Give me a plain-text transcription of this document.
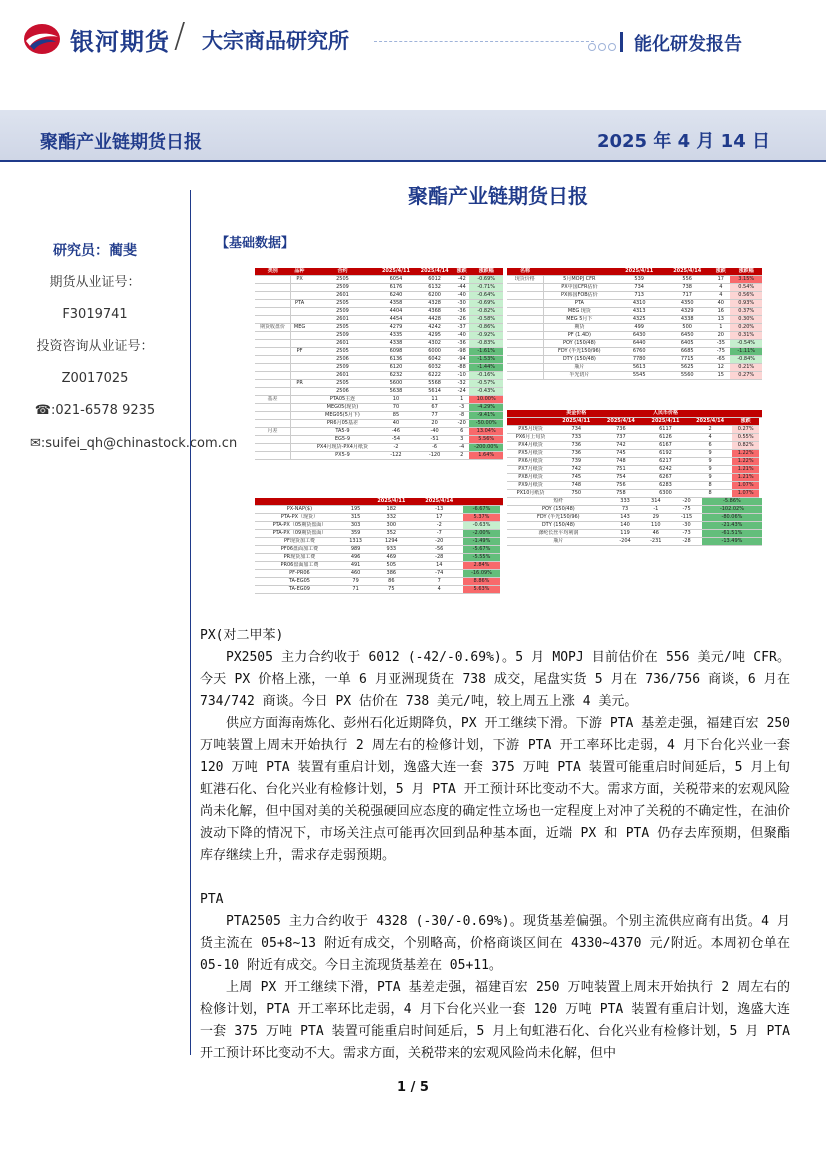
银河期货 / 大宗商品研究所	能化研发报告
聚酯产业链期货日报	2025 年 4 月 14 日
聚酯产业链期货日报
研究员：蔺斐
期货从业证号：
F3019741
投资咨询从业证号：
Z0017025
☎:021-6578 9235
✉:suifei_qh@chinastock.com.cn
【基础数据】
类别	品种	合约	2025/4/11	2025/4/14	涨跌	涨跌幅
	PX	2505	6054	6012	-42	-0.69%
		2509	6176	6132	-44	-0.71%
		2601	6240	6200	-40	-0.64%
	PTA	2505	4358	4328	-30	-0.69%
		2509	4404	4368	-36	-0.82%
		2601	4454	4428	-26	-0.58%
期货收盘价	MEG	2505	4279	4242	-37	-0.86%
		2509	4335	4295	-40	-0.92%
		2601	4338	4302	-36	-0.83%
	PF	2505	6098	6000	-98	-1.61%
		2506	6136	6042	-94	-1.53%
		2509	6120	6032	-88	-1.44%
		2601	6232	6222	-10	-0.16%
	PR	2505	5600	5568	-32	-0.57%
		2506	5638	5614	-24	-0.43%
基差		PTA05主连	10	11	1	10.00%
		MEG05(现货)	70	67	-3	-4.29%
		MEG05(5月下)	85	77	-8	-9.41%
		PR6月05基差	40	20	-20	-50.00%
月差		TA5-9	-46	-40	6	13.04%
		EG5-9	-54	-51	3	5.56%
		PX4月现货-PX4月纸货	-2	-6	-4	-200.00%
		PX5-9	-122	-120	2	1.64%
名称		2025/4/11	2025/4/14	涨跌	涨跌幅
现货价格	5月MOPJ CFR	539	556	17	3.15%
	PX中国CFR估价	734	738	4	0.54%
	PX韩国FOB估价	713	717	4	0.56%
	PTA	4310	4350	40	0.93%
	MEG 现货	4313	4329	16	0.37%
	MEG 5月下	4325	4338	13	0.30%
	期货	499	500	1	0.20%
	PF (1.4D)	6430	6450	20	0.31%
	POY (150/48)	6440	6405	-35	-0.54%
	FDY (半光150/96)	6760	6685	-75	-1.11%
	DTY (150/48)	7780	7715	-65	-0.84%
	瓶片	5613	5625	12	0.21%
	半光切片	5545	5560	15	0.27%
	美金价格		人民币价格			
	2025/4/11	2025/4/14	2025/4/11	2025/4/14	涨跌	
PX5月现货	734	736	6117	2	0.27%	
PX6月上旬货	733	737	6126	4	0.55%	
PX4月纸货	736	742	6167	6	0.82%	
PX5月纸货	736	745	6192	9	1.22%	
PX6月纸货	739	748	6217	9	1.22%	
PX7月纸货	742	751	6242	9	1.21%	
PX8月纸货	745	754	6267	9	1.21%	
PX9月纸货	748	756	6283	8	1.07%	
PX10月纸货	750	758	6300	8	1.07%	
		2025/4/11	2025/4/14		
PX-NAP($)	195	182	-13	-6.67%	
PTA-PX（现货）	315	332	17	5.37%	
PTA-PX（05期货盘面）	303	300	-2	-0.63%	
PTA-PX（09期货盘面）	359	352	-7	-2.00%	
PF现货加工费	1313	1294	-20	-1.49%	
PF06盘面加工费	989	933	-56	-5.67%	
PR现货加工费	496	469	-28	-5.55%	
PR06盘面加工费	491	505	14	2.84%	
PF-PR06	460	386	-74	-16.09%	
TA-EG05	79	86	7	8.86%	
TA-EG09	71	75	4	5.63%	
短纤	333	314	-20	-5.86%
POY (150/48)	73	-1	-75	-102.02%
FDY (半光150/96)	143	29	-115	-80.06%
DTY (150/48)	140	110	-30	-21.43%
涤纶长丝平均利润	119	46	-73	-61.51%
瓶片	-204	-231	-28	-13.49%
PX(对二甲苯)
PX2505 主力合约收于 6012 (-42/-0.69%)。5 月 MOPJ 目前估价在 556 美元/吨 CFR。今天 PX 价格上涨，一单 6 月亚洲现货在 738 成交，尾盘实货 5 月在 736/756 商谈，6 月在 734/742 商谈。今日 PX 估价在 738 美元/吨，较上周五上涨 4 美元。
供应方面海南炼化、彭州石化近期降负，PX 开工继续下滑。下游 PTA 基差走强，福建百宏 250 万吨装置上周末开始执行 2 周左右的检修计划，下游 PTA 开工率环比走弱，4 月下台化兴业一套 120 万吨 PTA 装置有重启计划，逸盛大连一套 375 万吨 PTA 装置可能重启时间延后，5 月上旬虹港石化、台化兴业有检修计划，5 月 PTA 开工预计环比变动不大。需求方面，关税带来的宏观风险尚未化解，但中国对美的关税强硬回应态度的确定性立场也一定程度上对冲了关税的不确定性，在油价波动下降的情况下，市场关注点可能再次回到品种基本面，近端 PX 和 PTA 仍存去库预期，但聚酯库存继续上升，需求存走弱预期。
PTA
PTA2505 主力合约收于 4328 (-30/-0.69%)。现货基差偏强。个别主流供应商有出货。4 月货主流在 05+8~13 附近有成交，个别略高，价格商谈区间在 4330~4370 元/附近。本周初仓单在 05-10 附近有成交。今日主流现货基差在 05+11。
上周 PX 开工继续下滑，PTA 基差走强，福建百宏 250 万吨装置上周末开始执行 2 周左右的检修计划，PTA 开工率环比走弱，4 月下台化兴业一套 120 万吨 PTA 装置有重启计划，逸盛大连一套 375 万吨 PTA 装置可能重启时间延后，5 月上旬虹港石化、台化兴业有检修计划，5 月 PTA 开工预计环比变动不大。需求方面，关税带来的宏观风险尚未化解，但中
1 / 5
